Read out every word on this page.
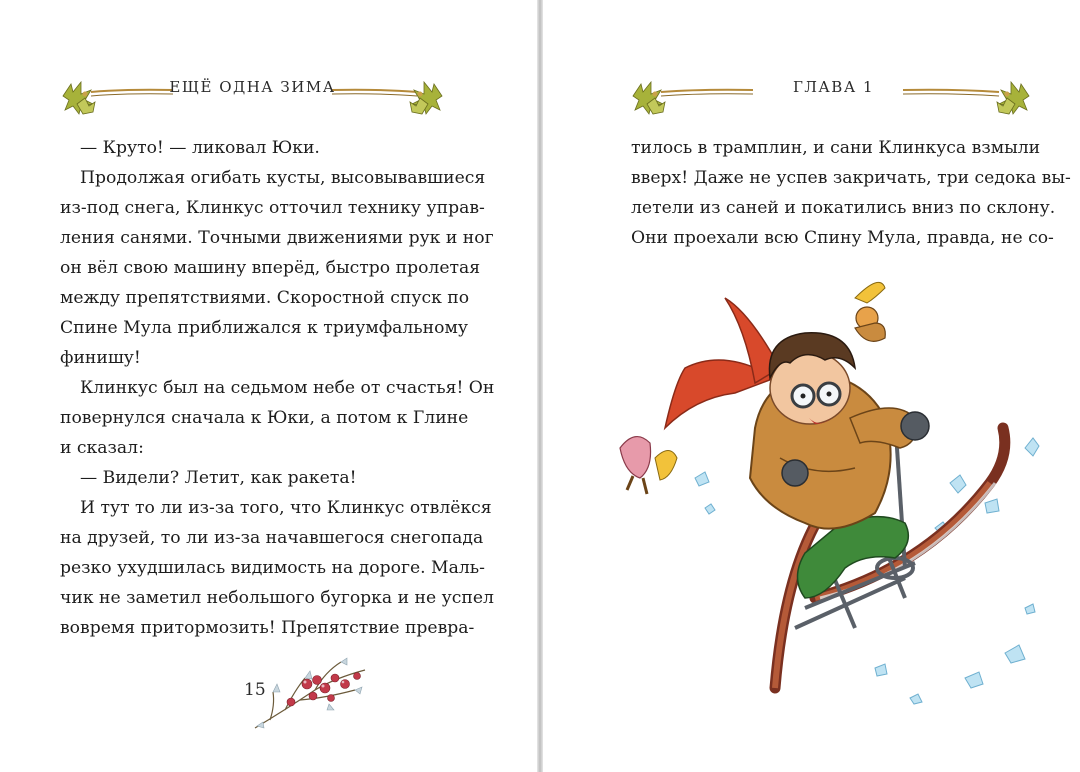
ЕЩЁ ОДНА ЗИМА
— Круто! — ликовал Юки.
Продолжая огибать кусты, высовывавшиеся
из-под снега, Клинкус отточил технику управ-
ления санями. Точными движениями рук и ног
он вёл свою машину вперёд, быстро пролетая
между препятствиями. Скоростной спуск по
Спине Мула приближался к триумфальному
финишу!
Клинкус был на седьмом небе от счастья! Он
повернулся сначала к Юки, а потом к Глине
и сказал:
— Видели? Летит, как ракета!
И тут то ли из-за того, что Клинкус отвлёкся
на друзей, то ли из-за начавшегося снегопада
резко ухудшилась видимость на дороге. Маль-
чик не заметил небольшого бугорка и не успел
вовремя притормозить! Препятствие превра-
15
ГЛАВА 1
тилось в трамплин, и сани Клинкуса взмыли
вверх! Даже не успев закричать, три седока вы-
летели из саней и покатились вниз по склону.
Они проехали всю Спину Мула, правда, не со-
